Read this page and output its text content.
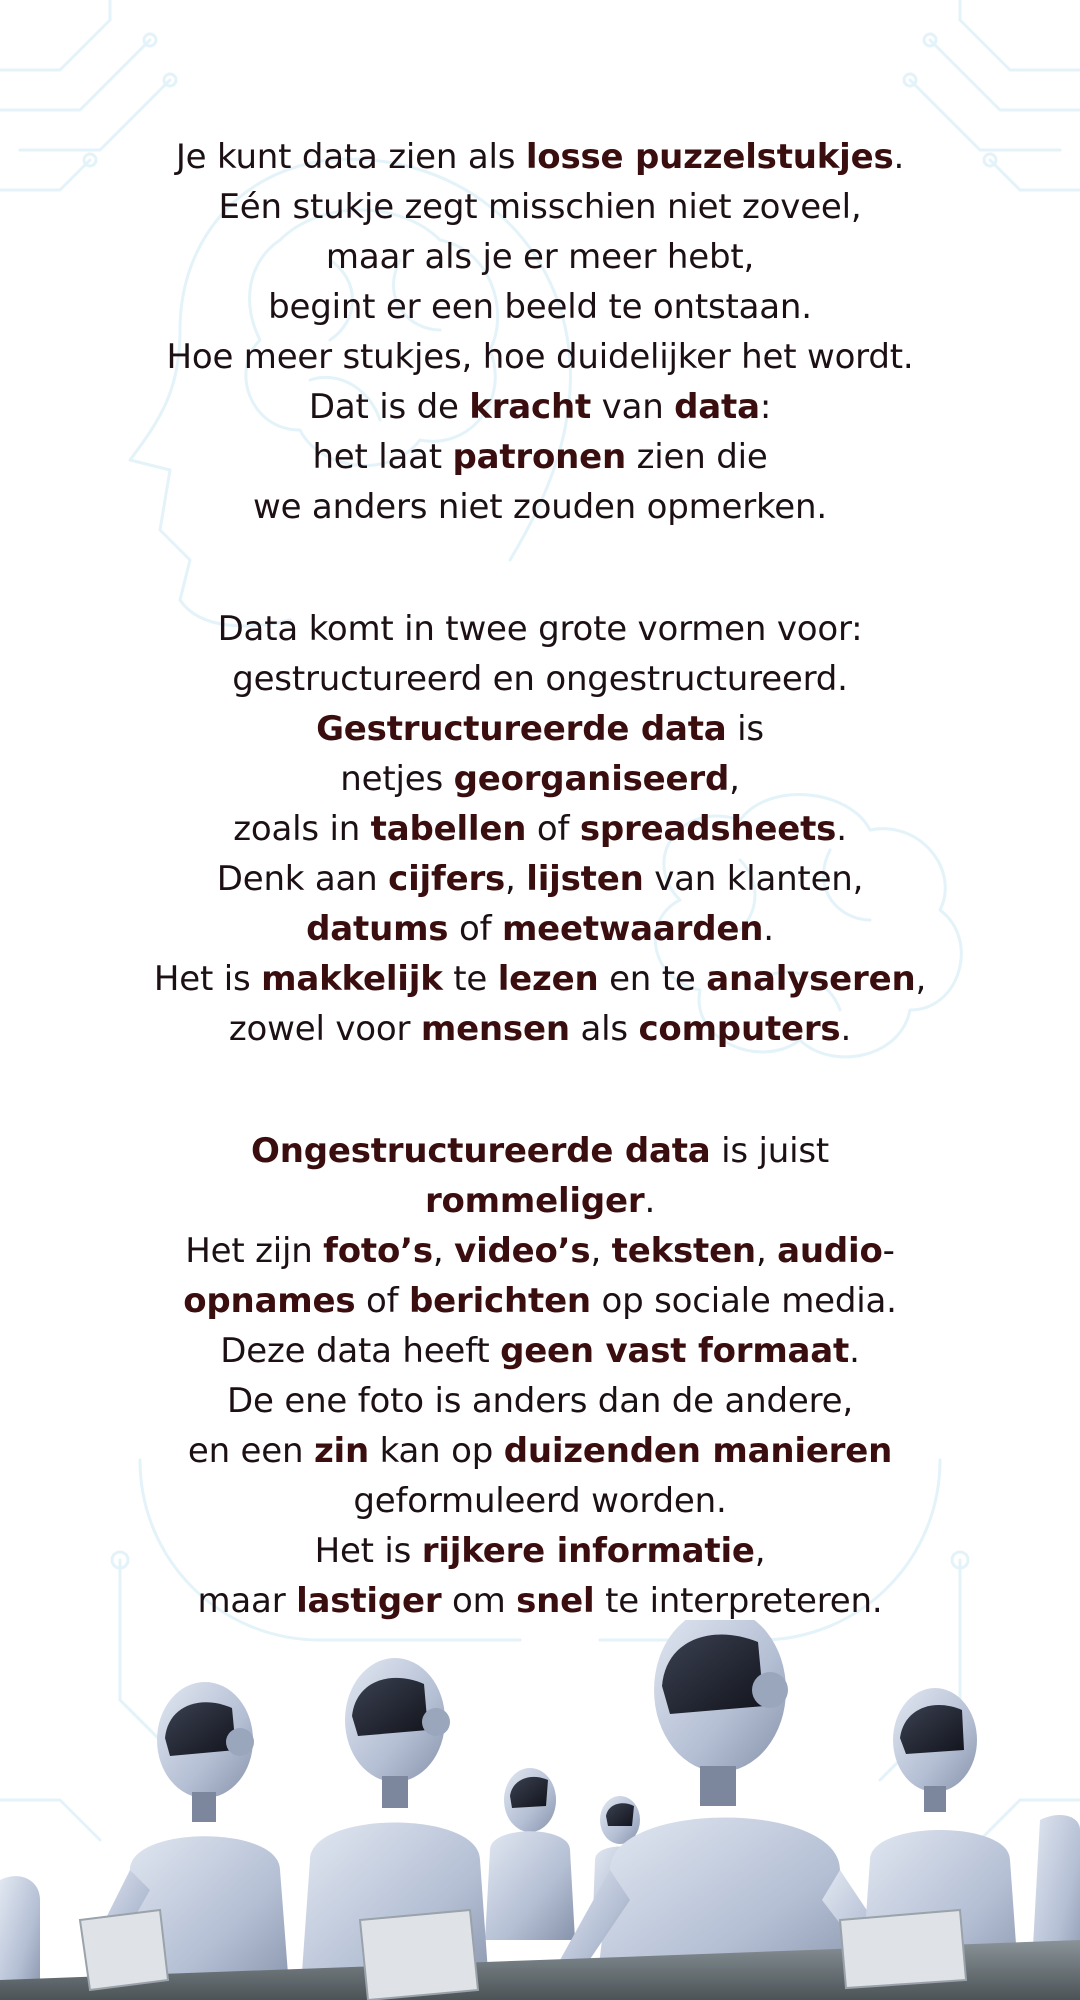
Je kunt data zien als losse puzzelstukjes.
Eén stukje zegt misschien niet zoveel,
maar als je er meer hebt,
begint er een beeld te ontstaan.
Hoe meer stukjes, hoe duidelijker het wordt.
Dat is de kracht van data:
het laat patronen zien die
we anders niet zouden opmerken.

Data komt in twee grote vormen voor:
gestructureerd en ongestructureerd.
Gestructureerde data is
netjes georganiseerd,
zoals in tabellen of spreadsheets.
Denk aan cijfers, lijsten van klanten,
datums of meetwaarden.
Het is makkelijk te lezen en te analyseren,
zowel voor mensen als computers.

Ongestructureerde data is juist
rommeliger.
Het zijn foto’s, video’s, teksten, audio-
opnames of berichten op sociale media.
Deze data heeft geen vast formaat.
De ene foto is anders dan de andere,
en een zin kan op duizenden manieren
geformuleerd worden.
Het is rijkere informatie,
maar lastiger om snel te interpreteren.
